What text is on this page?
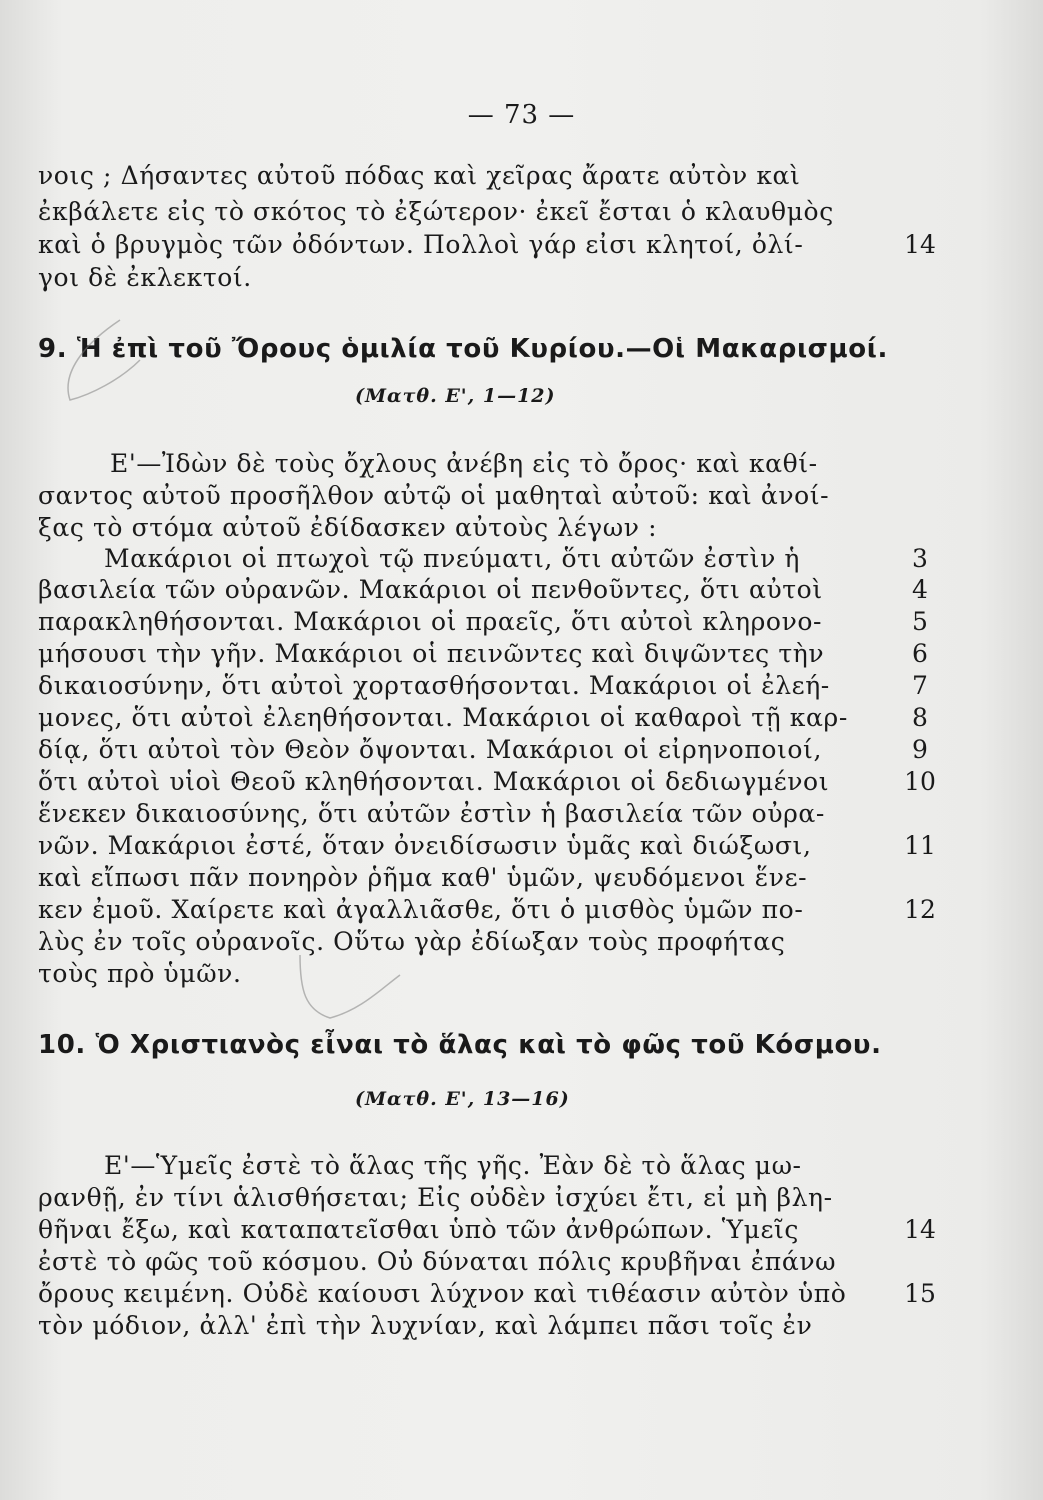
— 73 —
νοις ; Δήσαντες αὐτοῦ πόδας καὶ χεῖρας ἄρατε αὐτὸν καὶ
ἐκβάλετε εἰς τὸ σκότος τὸ ἐξώτερον· ἐκεῖ ἔσται ὁ κλαυθμὸς
καὶ ὁ βρυγμὸς τῶν ὀδόντων. Πολλοὶ γάρ εἰσι κλητοί, ὀλί-	14
γοι δὲ ἐκλεκτοί.
9. Ἡ ἐπὶ τοῦ Ὄρους ὁμιλία τοῦ Κυρίου.—Οἱ Μακαρισμοί.
(Ματθ. Ε', 1—12)
Ε'—Ἰδὼν δὲ τοὺς ὄχλους ἀνέβη εἰς τὸ ὄρος· καὶ καθί-
σαντος αὐτοῦ προσῆλθον αὐτῷ οἱ μαθηταὶ αὐτοῦ: καὶ ἀνοί-
ξας τὸ στόμα αὐτοῦ ἐδίδασκεν αὐτοὺς λέγων :
Μακάριοι οἱ πτωχοὶ τῷ πνεύματι, ὅτι αὐτῶν ἐστὶν ἡ	3
βασιλεία τῶν οὐρανῶν. Μακάριοι οἱ πενθοῦντες, ὅτι αὐτοὶ	4
παρακληθήσονται. Μακάριοι οἱ πραεῖς, ὅτι αὐτοὶ κληρονο-	5
μήσουσι τὴν γῆν. Μακάριοι οἱ πεινῶντες καὶ διψῶντες τὴν	6
δικαιοσύνην, ὅτι αὐτοὶ χορτασθήσονται. Μακάριοι οἱ ἐλεή-	7
μονες, ὅτι αὐτοὶ ἐλεηθήσονται. Μακάριοι οἱ καθαροὶ τῇ καρ-	8
δίᾳ, ὅτι αὐτοὶ τὸν Θεὸν ὄψονται. Μακάριοι οἱ εἰρηνοποιοί,	9
ὅτι αὐτοὶ υἱοὶ Θεοῦ κληθήσονται. Μακάριοι οἱ δεδιωγμένοι	10
ἕνεκεν δικαιοσύνης, ὅτι αὐτῶν ἐστὶν ἡ βασιλεία τῶν οὐρα-
νῶν. Μακάριοι ἐστέ, ὅταν ὀνειδίσωσιν ὑμᾶς καὶ διώξωσι,	11
καὶ εἴπωσι πᾶν πονηρὸν ῥῆμα καθ' ὑμῶν, ψευδόμενοι ἕνε-
κεν ἐμοῦ. Χαίρετε καὶ ἀγαλλιᾶσθε, ὅτι ὁ μισθὸς ὑμῶν πο-	12
λὺς ἐν τοῖς οὐρανοῖς. Οὕτω γὰρ ἐδίωξαν τοὺς προφήτας
τοὺς πρὸ ὑμῶν.
10. Ὁ Χριστιανὸς εἶναι τὸ ἅλας καὶ τὸ φῶς τοῦ Κόσμου.
(Ματθ. Ε', 13—16)
Ε'—Ὑμεῖς ἐστὲ τὸ ἅλας τῆς γῆς. Ἐὰν δὲ τὸ ἅλας μω-
ρανθῇ, ἐν τίνι ἁλισθήσεται; Εἰς οὐδὲν ἰσχύει ἔτι, εἰ μὴ βλη-
θῆναι ἔξω, καὶ καταπατεῖσθαι ὑπὸ τῶν ἀνθρώπων. Ὑμεῖς	14
ἐστὲ τὸ φῶς τοῦ κόσμου. Οὐ δύναται πόλις κρυβῆναι ἐπάνω
ὄρους κειμένη. Οὐδὲ καίουσι λύχνον καὶ τιθέασιν αὐτὸν ὑπὸ	15
τὸν μόδιον, ἀλλ' ἐπὶ τὴν λυχνίαν, καὶ λάμπει πᾶσι τοῖς ἐν
